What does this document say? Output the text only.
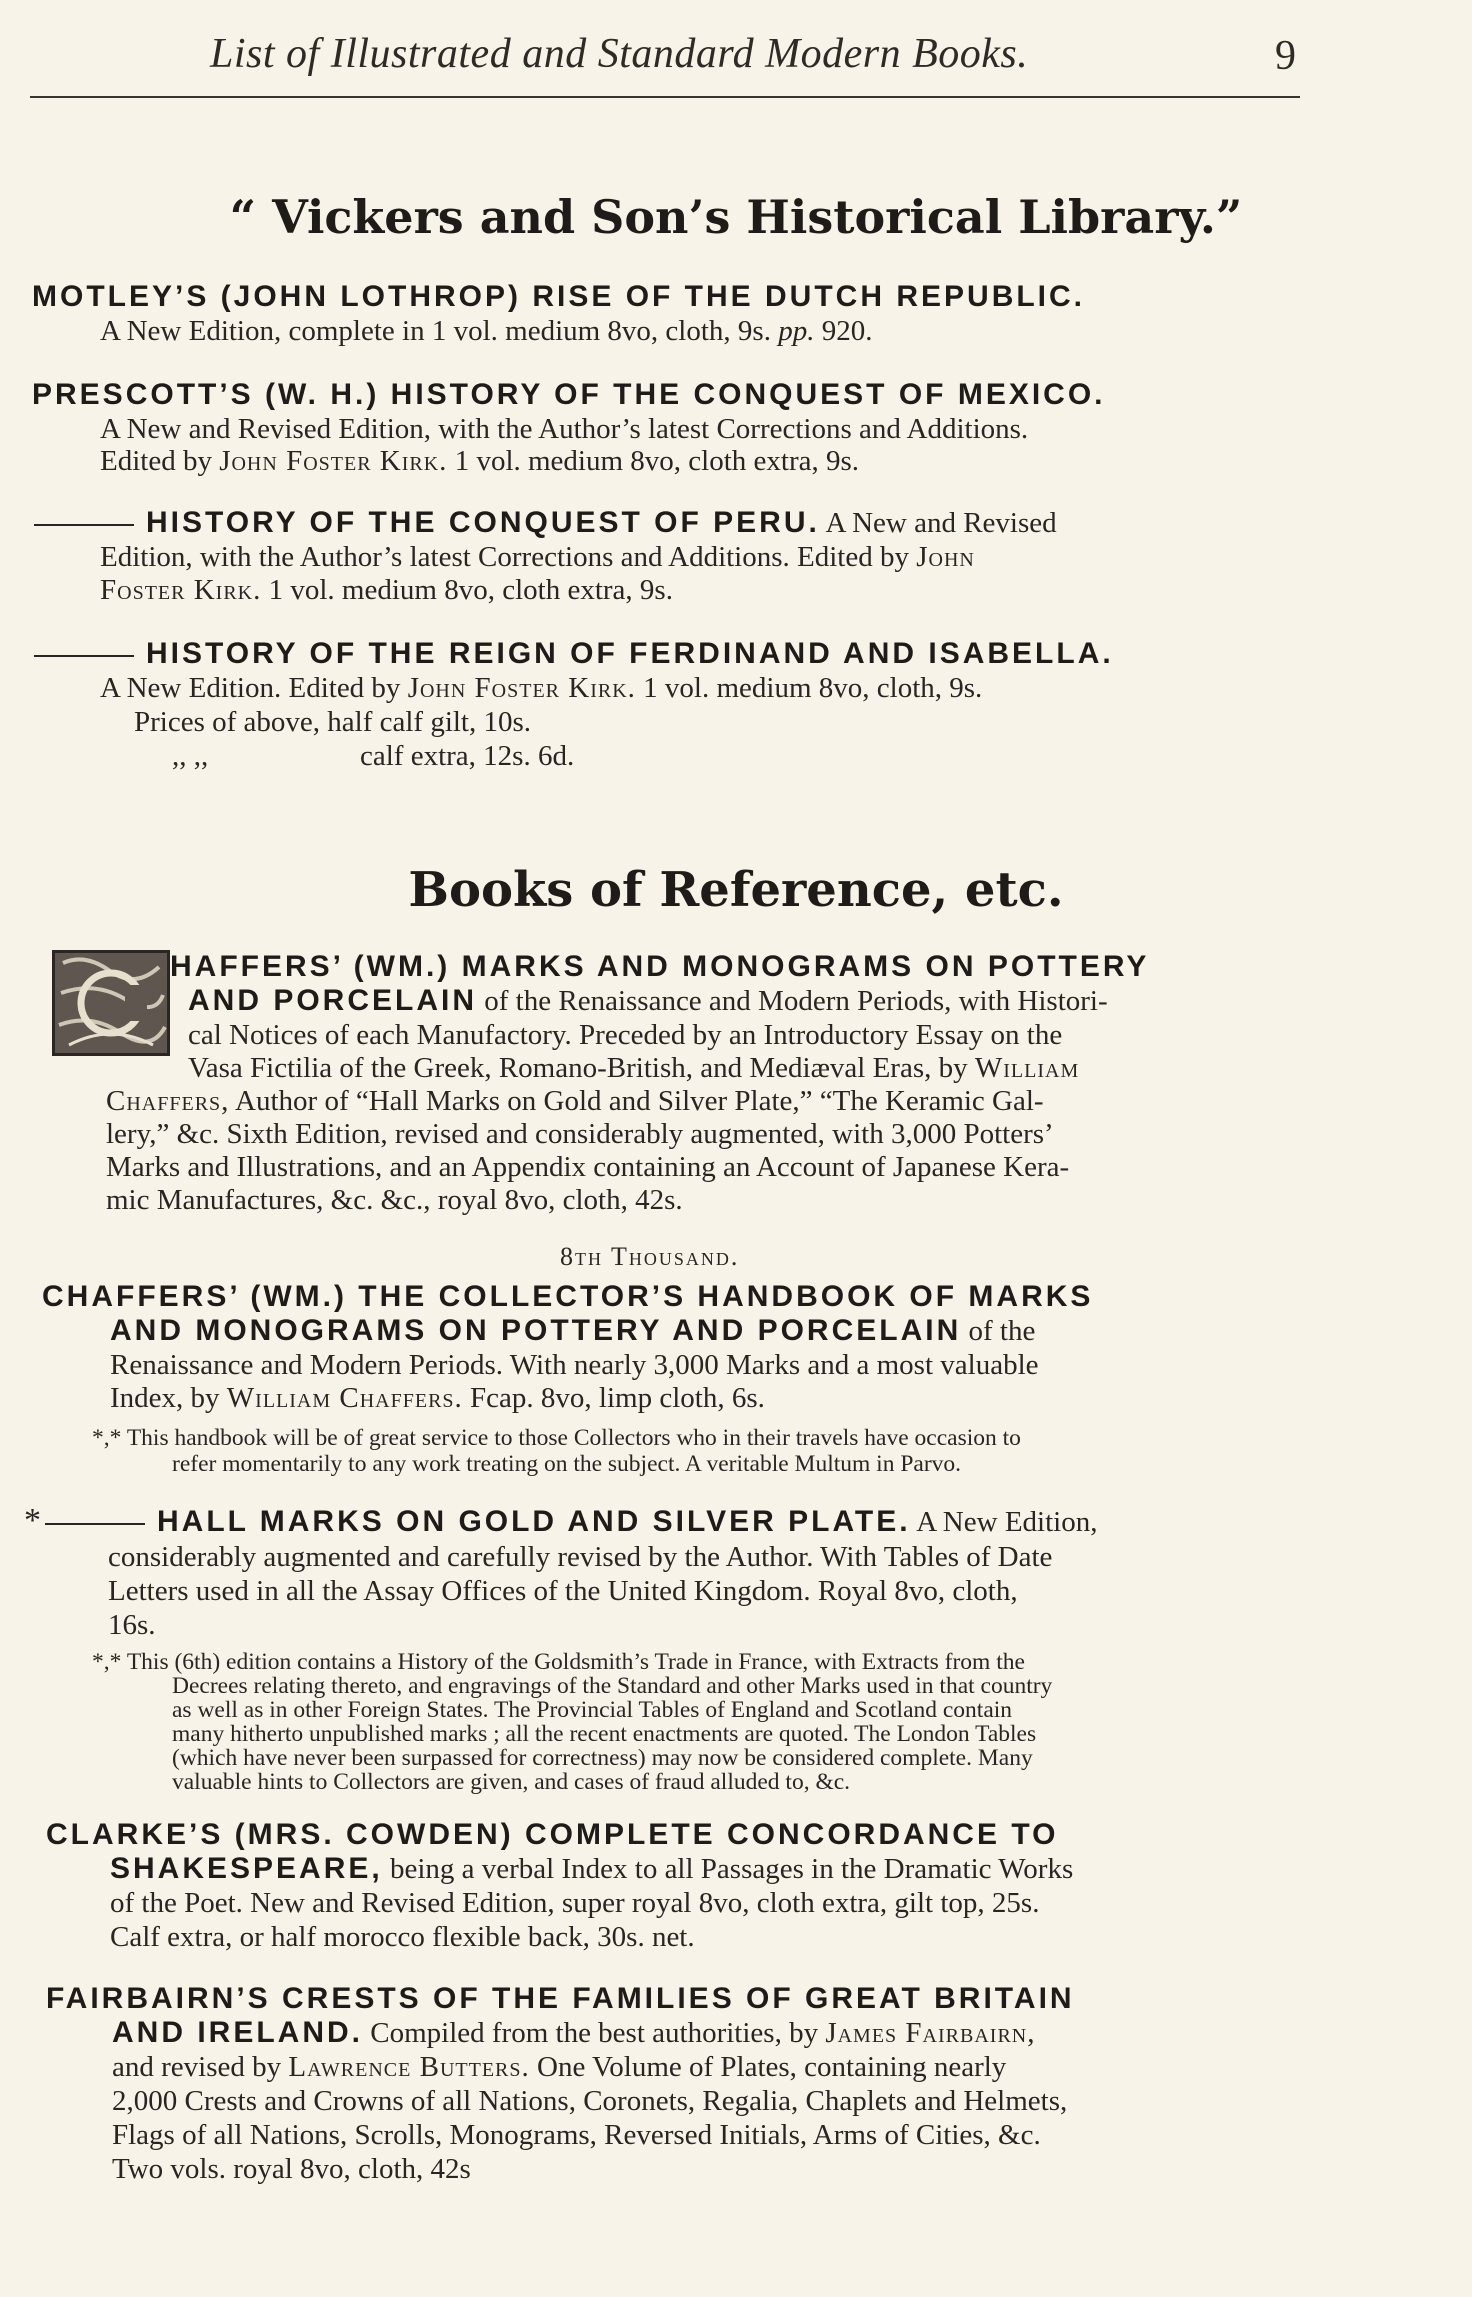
List of Illustrated and Standard Modern Books.	9
“ Vickers and Son’s Historical Library.”
MOTLEY’S (JOHN LOTHROP) RISE OF THE DUTCH REPUBLIC.
A New Edition, complete in 1 vol. medium 8vo, cloth, 9s. pp. 920.
PRESCOTT’S (W. H.) HISTORY OF THE CONQUEST OF MEXICO.
A New and Revised Edition, with the Author’s latest Corrections and Additions.
Edited by John Foster Kirk. 1 vol. medium 8vo, cloth extra, 9s.
HISTORY OF THE CONQUEST OF PERU. A New and Revised
Edition, with the Author’s latest Corrections and Additions. Edited by John
Foster Kirk. 1 vol. medium 8vo, cloth extra, 9s.
HISTORY OF THE REIGN OF FERDINAND AND ISABELLA.
A New Edition. Edited by John Foster Kirk. 1 vol. medium 8vo, cloth, 9s.
Prices of above, half calf gilt, 10s.
,, ,,	calf extra, 12s. 6d.
Books of Reference, etc.
HAFFERS’ (WM.) MARKS AND MONOGRAMS ON POTTERY
AND PORCELAIN of the Renaissance and Modern Periods, with Histori-
cal Notices of each Manufactory. Preceded by an Introductory Essay on the
Vasa Fictilia of the Greek, Romano-British, and Mediæval Eras, by William
Chaffers, Author of “Hall Marks on Gold and Silver Plate,” “The Keramic Gal-
lery,” &c. Sixth Edition, revised and considerably augmented, with 3,000 Potters’
Marks and Illustrations, and an Appendix containing an Account of Japanese Kera-
mic Manufactures, &c. &c., royal 8vo, cloth, 42s.
8th Thousand.
CHAFFERS’ (WM.) THE COLLECTOR’S HANDBOOK OF MARKS
AND MONOGRAMS ON POTTERY AND PORCELAIN of the
Renaissance and Modern Periods. With nearly 3,000 Marks and a most valuable
Index, by William Chaffers. Fcap. 8vo, limp cloth, 6s.
*,* This handbook will be of great service to those Collectors who in their travels have occasion to
refer momentarily to any work treating on the subject. A veritable Multum in Parvo.
*	HALL MARKS ON GOLD AND SILVER PLATE. A New Edition,
considerably augmented and carefully revised by the Author. With Tables of Date
Letters used in all the Assay Offices of the United Kingdom. Royal 8vo, cloth,
16s.
*,* This (6th) edition contains a History of the Goldsmith’s Trade in France, with Extracts from the
Decrees relating thereto, and engravings of the Standard and other Marks used in that country
as well as in other Foreign States. The Provincial Tables of England and Scotland contain
many hitherto unpublished marks ; all the recent enactments are quoted. The London Tables
(which have never been surpassed for correctness) may now be considered complete. Many
valuable hints to Collectors are given, and cases of fraud alluded to, &c.
CLARKE’S (MRS. COWDEN) COMPLETE CONCORDANCE TO
SHAKESPEARE, being a verbal Index to all Passages in the Dramatic Works
of the Poet. New and Revised Edition, super royal 8vo, cloth extra, gilt top, 25s.
Calf extra, or half morocco flexible back, 30s. net.
FAIRBAIRN’S CRESTS OF THE FAMILIES OF GREAT BRITAIN
AND IRELAND. Compiled from the best authorities, by James Fairbairn,
and revised by Lawrence Butters. One Volume of Plates, containing nearly
2,000 Crests and Crowns of all Nations, Coronets, Regalia, Chaplets and Helmets,
Flags of all Nations, Scrolls, Monograms, Reversed Initials, Arms of Cities, &c.
Two vols. royal 8vo, cloth, 42s
